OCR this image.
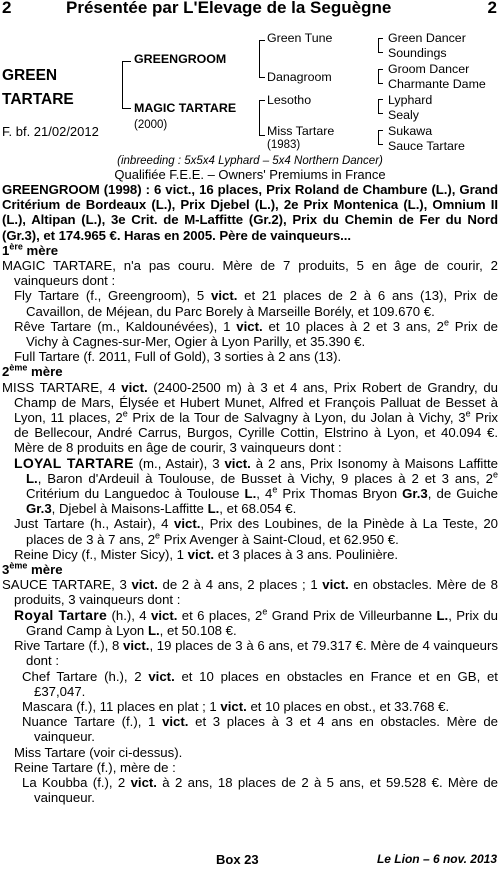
2	Présentée par L'Elevage de la Seguègne	2
GREEN
TARTARE
F. bf. 21/02/2012
GREENGROOM
MAGIC TARTARE
(2000)
Green Tune
Danagroom
Lesotho
Miss Tartare
(1983)
Green Dancer
Soundings
Groom Dancer
Charmante Dame
Lyphard
Sealy
Sukawa
Sauce Tartare
(inbreeding : 5x5x4 Lyphard – 5x4 Northern Dancer)
Qualifiée F.E.E. – Owners' Premiums in France

GREENGROOM (1998) : 6 vict., 16 places, Prix Roland de Chambure (L.), Grand Critérium de Bordeaux (L.), Prix Djebel (L.), 2e Prix Montenica (L.), Omnium II (L.), Altipan (L.), 3e Crit. de M-Laffitte (Gr.2), Prix du Chemin de Fer du Nord (Gr.3), et 174.965 €. Haras en 2005. Père de vainqueurs...

1ère mère

MAGIC TARTARE, n'a pas couru. Mère de 7 produits, 5 en âge de courir, 2 vainqueurs dont :

Fly Tartare (f., Greengroom), 5 vict. et 21 places de 2 à 6 ans (13), Prix de Cavaillon, de Méjean, du Parc Borely à Marseille Borély, et 109.670 €.

Rêve Tartare (m., Kaldounévées), 1 vict. et 10 places à 2 et 3 ans, 2e Prix de Vichy à Cagnes-sur-Mer, Ogier à Lyon Parilly, et 35.390 €.

Full Tartare (f. 2011, Full of Gold), 3 sorties à 2 ans (13).

2ème mère

MISS TARTARE, 4 vict. (2400-2500 m) à 3 et 4 ans, Prix Robert de Grandry, du Champ de Mars, Élysée et Hubert Munet, Alfred et François Palluat de Besset à Lyon, 11 places, 2e Prix de la Tour de Salvagny à Lyon, du Jolan à Vichy, 3e Prix de Bellecour, André Carrus, Burgos, Cyrille Cottin, Elstrino à Lyon, et 40.094 €. Mère de 8 produits en âge de courir, 3 vainqueurs dont :

LOYAL TARTARE (m., Astair), 3 vict. à 2 ans, Prix Isonomy à Maisons Laffitte L., Baron d'Ardeuil à Toulouse, de Busset à Vichy, 9 places à 2 et 3 ans, 2e Critérium du Languedoc à Toulouse L., 4e Prix Thomas Bryon Gr.3, de Guiche Gr.3, Djebel à Maisons-Laffitte L., et 68.054 €.

Just Tartare (h., Astair), 4 vict., Prix des Loubines, de la Pinède à La Teste, 20 places de 3 à 7 ans, 2e Prix Avenger à Saint-Cloud, et 62.950 €.

Reine Dicy (f., Mister Sicy), 1 vict. et 3 places à 3 ans. Poulinière.

3ème mère

SAUCE TARTARE, 3 vict. de 2 à 4 ans, 2 places ; 1 vict. en obstacles. Mère de 8 produits, 3 vainqueurs dont :

Royal Tartare (h.), 4 vict. et 6 places, 2e Grand Prix de Villeurbanne L., Prix du Grand Camp à Lyon L., et 50.108 €.

Rive Tartare (f.), 8 vict., 19 places de 3 à 6 ans, et 79.317 €. Mère de 4 vainqueurs dont :

Chef Tartare (h.), 2 vict. et 10 places en obstacles en France et en GB, et £37,047.

Mascara (f.), 11 places en plat ; 1 vict. et 10 places en obst., et 33.768 €.

Nuance Tartare (f.), 1 vict. et 3 places à 3 et 4 ans en obstacles. Mère de vainqueur.

Miss Tartare (voir ci-dessus).

Reine Tartare (f.), mère de :

La Koubba (f.), 2 vict. à 2 ans, 18 places de 2 à 5 ans, et 59.528 €. Mère de vainqueur.

Box 23	Le Lion – 6 nov. 2013
